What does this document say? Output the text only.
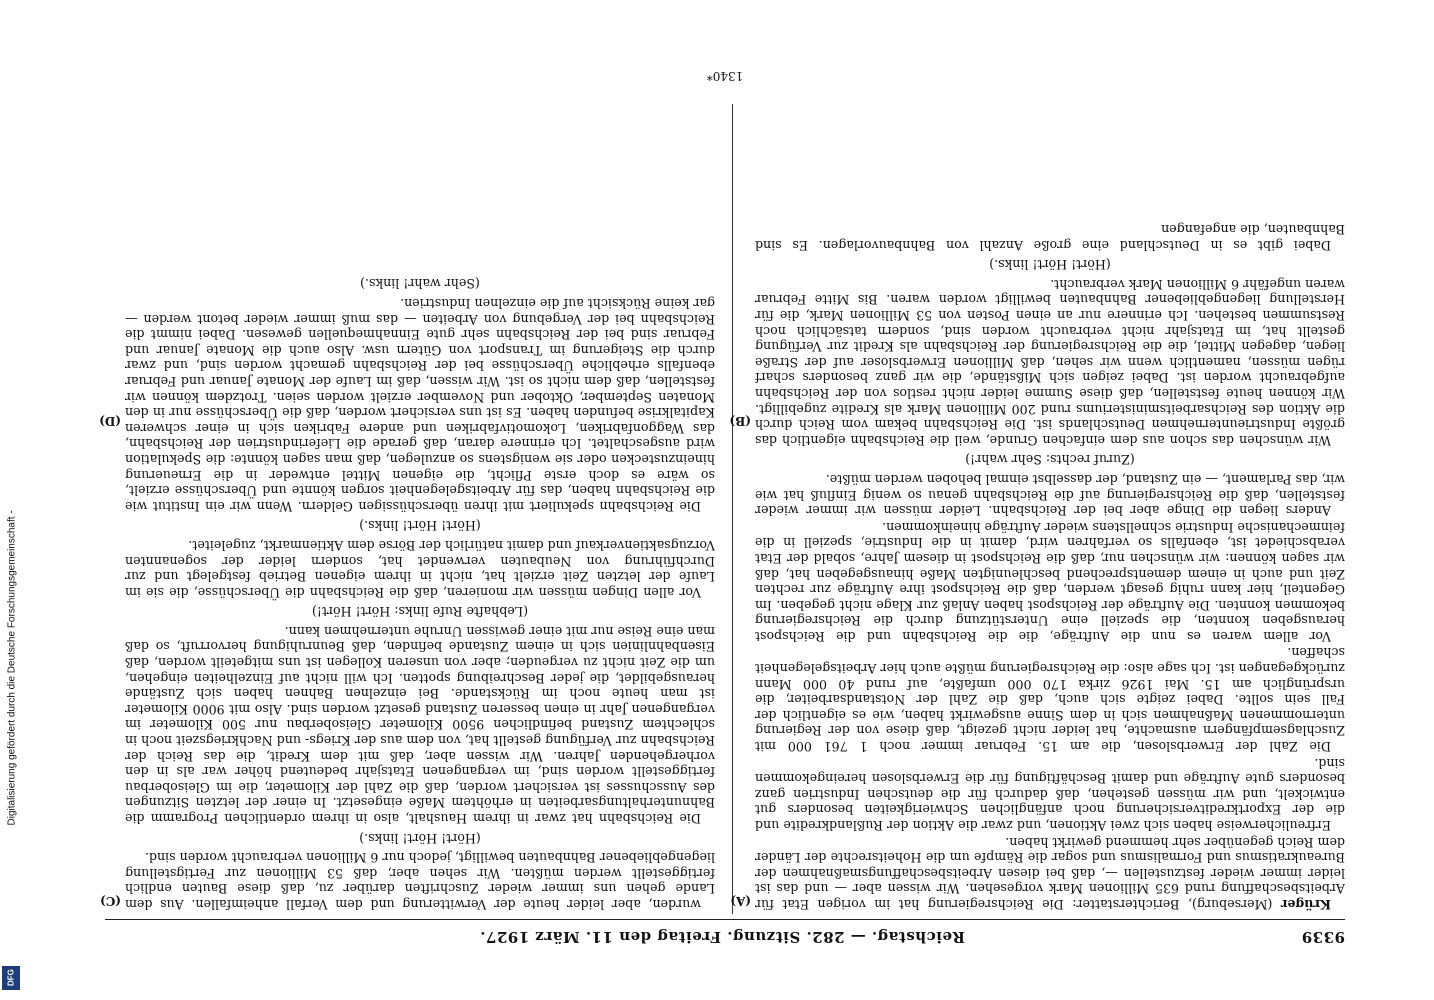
Digitalisierung gefördert durch die Deutsche Forschungsgemeinschaft -
DFG
9339
Reichstag. — 282. Sitzung. Freitag den 11. März 1927.
(A)
(B)
(C)
(D)

Krüger (Merseburg), Berichterstatter: Die Reichsregierung hat im vorigen Etat für Arbeitsbeschaffung rund 635 Millionen Mark vorgesehen. Wir wissen aber — und das ist leider immer wieder festzustellen —, daß bei diesen Arbeitsbeschaffungsmaßnahmen der Bureaukratismus und Formalismus und sogar die Rämpfe um die Hoheitsrechte der Länder dem Reich gegenüber sehr hemmend gewirkt haben.

Erfreulicherweise haben sich zwei Aktionen, und zwar die Aktion der Rußlandkredite und die der Exportkreditversicherung noch anfänglichen Schwierigkeiten besonders gut entwickelt, und wir müssen gestehen, daß dadurch für die deutschen Industrien ganz besonders gute Aufträge und damit Beschäftigung für die Erwerbslosen hereingekommen sind.

Die Zahl der Erwerbslosen, die am 15. Februar immer noch 1 761 000 mit Zuschlagsempfängern ausmachte, hat leider nicht gezeigt, daß diese von der Regierung unternommenen Maßnahmen sich in dem Sinne ausgewirkt haben, wie es eigentlich der Fall sein sollte. Dabei zeigte sich auch, daß die Zahl der Notstandsarbeiter, die ursprünglich am 15. Mai 1926 zirka 170 000 umfaßte, auf rund 40 000 Mann zurückgegangen ist. Ich sage also: die Reichsregierung müßte auch hier Arbeitsgelegenheit schaffen.

Vor allem waren es nun die Aufträge, die die Reichsbahn und die Reichspost herausgeben konnten, die speziell eine Unterstützung durch die Reichsregierung bekommen konnten. Die Aufträge der Reichspost haben Anlaß zur Klage nicht gegeben. Im Gegenteil, hier kann ruhig gesagt werden, daß die Reichspost ihre Aufträge zur rechten Zeit und auch in einem dementsprechend beschleunigten Maße hinausgegeben hat, daß wir sagen können: wir wünschen nur, daß die Reichspost in diesem Jahre, sobald der Etat verabschiedet ist, ebenfalls so verfahren wird, damit in die Industrie, speziell in die feinmechanische Industrie schnellstens wieder Aufträge hineinkommen.

Anders liegen die Dinge aber bei der Reichsbahn. Leider müssen wir immer wieder feststellen, daß die Reichsregierung auf die Reichsbahn genau so wenig Einfluß hat wie wir, das Parlament, — ein Zustand, der dasselbst einmal behoben werden müßte.

(Zuruf rechts: Sehr wahr!)

Wir wünschen das schon aus dem einfachen Grunde, weil die Reichsbahn eigentlich das größte Industrieunternehmen Deutschlands ist. Die Reichsbahn bekam vom Reich durch die Aktion des Reichsarbeitsministeriums rund 200 Millionen Mark als Kredite zugebilligt. Wir können heute feststellen, daß diese Summe leider nicht restlos von der Reichsbahn aufgebraucht worden ist. Dabei zeigen sich Mißstände, die wir ganz besonders scharf rügen müssen, namentlich wenn wir sehen, daß Millionen Erwerbsloser auf der Straße liegen, dagegen Mittel, die die Reichsregierung der Reichsbahn als Kredit zur Verfügung gestellt hat, im Etatsjahr nicht verbraucht worden sind, sondern tatsächlich noch Restsummen bestehen. Ich erinnere nur an einen Posten von 53 Millionen Mark, die für Herstellung liegengebliebener Bahnbauten bewilligt worden waren. Bis Mitte Februar waren ungefähr 6 Millionen Mark verbraucht.

(Hört! Hört! links.)

Dabei gibt es in Deutschland eine große Anzahl von Bahnbauvorlagen. Es sind Bahnbauten, die angefangen

wurden, aber leider heute der Verwitterung und dem Verfall anheimfallen. Aus dem Lande gehen uns immer wieder Zuschriften darüber zu, daß diese Bauten endlich fertiggestellt werden müßten. Wir sehen aber, daß 53 Millionen zur Fertigstellung liegengebliebener Bahnbauten bewilligt, jedoch nur 6 Millionen verbraucht worden sind.

(Hört! Hört! links.)

Die Reichsbahn hat zwar in ihrem Haushalt, also in ihrem ordentlichen Programm die Bahnunterhaltungsarbeiten in erhöhtem Maße eingesetzt. In einer der letzten Sitzungen des Ausschusses ist versichert worden, daß die Zahl der Kilometer, die im Gleisoberbau fertiggestellt worden sind, im vergangenen Etatsjahr bedeutend höher war als in den vorhergehenden Jahren. Wir wissen aber, daß mit dem Kredit, die das Reich der Reichsbahn zur Verfügung gestellt hat, von dem aus der Kriegs- und Nachkriegszeit noch in schlechtem Zustand befindlichen 9500 Kilometer Gleisoberbau nur 500 Kilometer im vergangenen Jahr in einen besseren Zustand gesetzt worden sind. Also mit 9000 Kilometer ist man heute noch im Rückstande. Bei einzelnen Bahnen haben sich Zustände herausgebildet, die jeder Beschreibung spotten. Ich will nicht auf Einzelheiten eingehen, um die Zeit nicht zu vergeuden; aber von unseren Kollegen ist uns mitgeteilt worden, daß Eisenbahnlinien sich in einem Zustande befinden, daß Beunruhigung hervorruft, so daß man eine Reise nur mit einer gewissen Unruhe unternehmen kann.

(Lebhafte Rufe links: Hört! Hört!)

Vor allen Dingen müssen wir monieren, daß die Reichsbahn die Überschüsse, die sie im Laufe der letzten Zeit erzielt hat, nicht in ihrem eigenen Betrieb festgelegt und zur Durchführung von Neubauten verwendet hat, sondern leider der sogenannten Vorzugsaktienverkauf und damit natürlich der Börse dem Aktienmarkt, zugeleitet.

(Hört! Hört! links.)

Die Reichsbahn spekuliert mit ihren überschüssigen Geldern. Wenn wir ein Institut wie die Reichsbahn haben, das für Arbeitsgelegenheit sorgen könnte und Überschüsse erzielt, so wäre es doch erste Pflicht, die eigenen Mittel entweder in die Erneuerung hineinzustecken oder sie wenigstens so anzulegen, daß man sagen könnte: die Spekulation wird ausgeschaltet. Ich erinnere daran, daß gerade die Lieferindustrien der Reichsbahn, das Waggonfabriken, Lokomotivfabriken und andere Fabriken sich in einer schweren Kapitalkrise befunden haben. Es ist uns versichert worden, daß die Überschüsse nur in den Monaten September, Oktober und November erzielt worden seien. Trotzdem können wir feststellen, daß dem nicht so ist. Wir wissen, daß im Laufe der Monate Januar und Februar ebenfalls erhebliche Überschüsse bei der Reichsbahn gemacht worden sind, und zwar durch die Steigerung im Transport von Gütern usw. Also auch die Monate Januar und Februar sind bei der Reichsbahn sehr gute Einnahmequellen gewesen. Dabei nimmt die Reichsbahn bei der Vergebung von Arbeiten — das muß immer wieder betont werden — gar keine Rücksicht auf die einzelnen Industrien.

(Sehr wahr! links.)

1340*
